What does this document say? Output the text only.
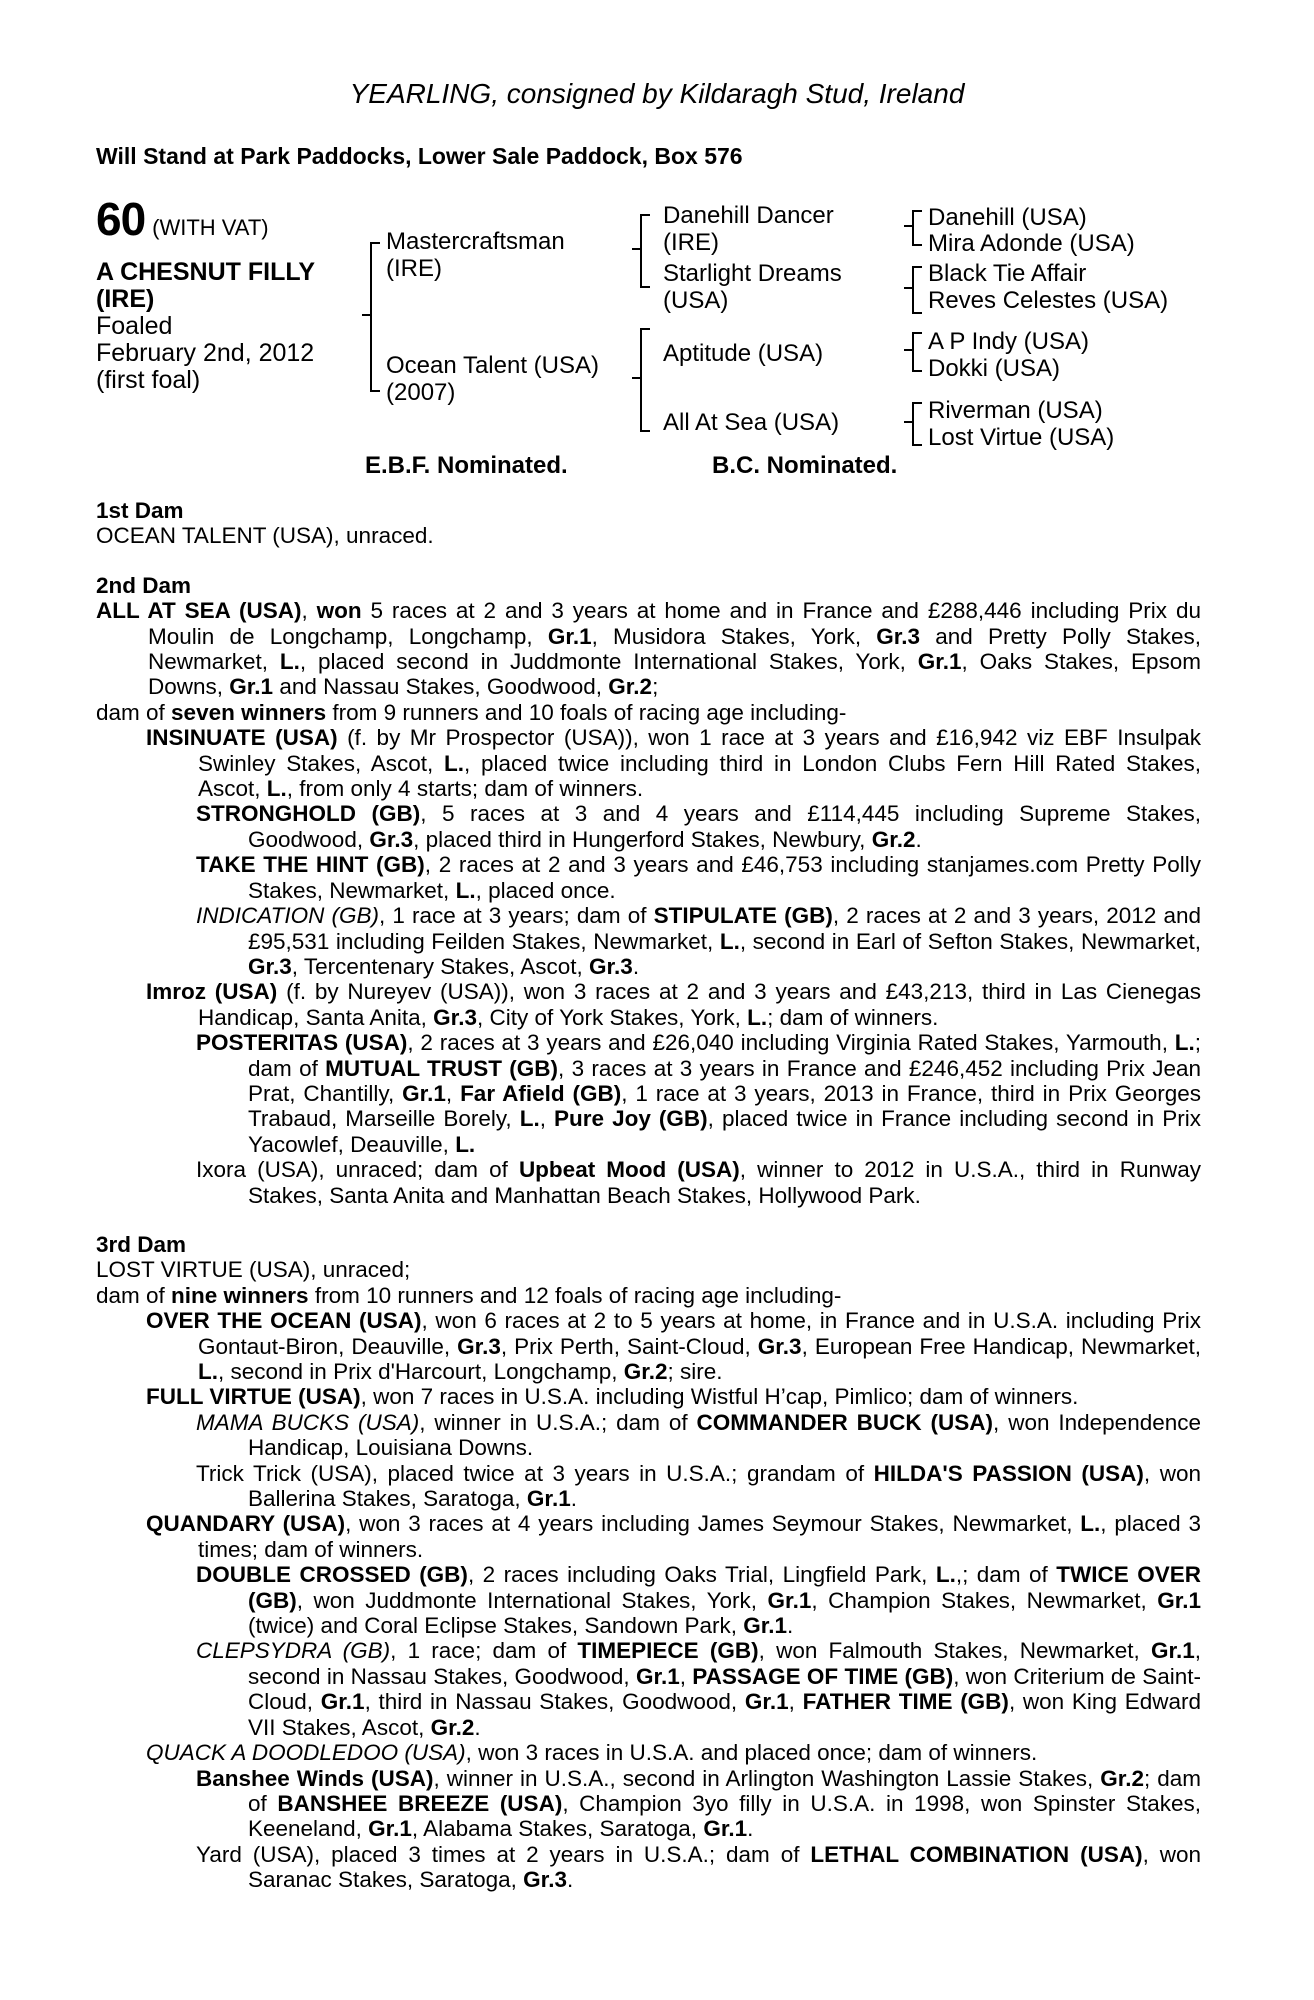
YEARLING, consigned by Kildaragh Stud, Ireland
Will Stand at Park Paddocks, Lower Sale Paddock, Box 576
60 (WITH VAT)
A CHESNUT FILLY
(IRE)
Foaled
February 2nd, 2012
(first foal)
Mastercraftsman
(IRE)
Ocean Talent (USA)
(2007)
Danehill Dancer
(IRE)
Starlight Dreams
(USA)
Aptitude (USA)
All At Sea (USA)
Danehill (USA)
Mira Adonde (USA)
Black Tie Affair
Reves Celestes (USA)
A P Indy (USA)
Dokki (USA)
Riverman (USA)
Lost Virtue (USA)
E.B.F. Nominated.	B.C. Nominated.

1st Dam

OCEAN TALENT (USA), unraced.

2nd Dam

ALL AT SEA (USA), won 5 races at 2 and 3 years at home and in France and £288,446 including Prix du Moulin de Longchamp, Longchamp, Gr.1, Musidora Stakes, York, Gr.3 and Pretty Polly Stakes, Newmarket, L., placed second in Juddmonte International Stakes, York, Gr.1, Oaks Stakes, Epsom Downs, Gr.1 and Nassau Stakes, Goodwood, Gr.2;

dam of seven winners from 9 runners and 10 foals of racing age including-

INSINUATE (USA) (f. by Mr Prospector (USA)), won 1 race at 3 years and £16,942 viz EBF Insulpak Swinley Stakes, Ascot, L., placed twice including third in London Clubs Fern Hill Rated Stakes, Ascot, L., from only 4 starts; dam of winners.

STRONGHOLD (GB), 5 races at 3 and 4 years and £114,445 including Supreme Stakes, Goodwood, Gr.3, placed third in Hungerford Stakes, Newbury, Gr.2.

TAKE THE HINT (GB), 2 races at 2 and 3 years and £46,753 including stanjames.com Pretty Polly Stakes, Newmarket, L., placed once.

INDICATION (GB), 1 race at 3 years; dam of STIPULATE (GB), 2 races at 2 and 3 years, 2012 and £95,531 including Feilden Stakes, Newmarket, L., second in Earl of Sefton Stakes, Newmarket, Gr.3, Tercentenary Stakes, Ascot, Gr.3.

Imroz (USA) (f. by Nureyev (USA)), won 3 races at 2 and 3 years and £43,213, third in Las Cienegas Handicap, Santa Anita, Gr.3, City of York Stakes, York, L.; dam of winners.

POSTERITAS (USA), 2 races at 3 years and £26,040 including Virginia Rated Stakes, Yarmouth, L.; dam of MUTUAL TRUST (GB), 3 races at 3 years in France and £246,452 including Prix Jean Prat, Chantilly, Gr.1, Far Afield (GB), 1 race at 3 years, 2013 in France, third in Prix Georges Trabaud, Marseille Borely, L., Pure Joy (GB), placed twice in France including second in Prix Yacowlef, Deauville, L.

Ixora (USA), unraced; dam of Upbeat Mood (USA), winner to 2012 in U.S.A., third in Runway Stakes, Santa Anita and Manhattan Beach Stakes, Hollywood Park.

3rd Dam

LOST VIRTUE (USA), unraced;

dam of nine winners from 10 runners and 12 foals of racing age including-

OVER THE OCEAN (USA), won 6 races at 2 to 5 years at home, in France and in U.S.A. including Prix Gontaut-Biron, Deauville, Gr.3, Prix Perth, Saint-Cloud, Gr.3, European Free Handicap, Newmarket, L., second in Prix d'Harcourt, Longchamp, Gr.2; sire.

FULL VIRTUE (USA), won 7 races in U.S.A. including Wistful H’cap, Pimlico; dam of winners.

MAMA BUCKS (USA), winner in U.S.A.; dam of COMMANDER BUCK (USA), won Independence Handicap, Louisiana Downs.

Trick Trick (USA), placed twice at 3 years in U.S.A.; grandam of HILDA'S PASSION (USA), won Ballerina Stakes, Saratoga, Gr.1.

QUANDARY (USA), won 3 races at 4 years including James Seymour Stakes, Newmarket, L., placed 3 times; dam of winners.

DOUBLE CROSSED (GB), 2 races including Oaks Trial, Lingfield Park, L.,; dam of TWICE OVER (GB), won Juddmonte International Stakes, York, Gr.1, Champion Stakes, Newmarket, Gr.1 (twice) and Coral Eclipse Stakes, Sandown Park, Gr.1.

CLEPSYDRA (GB), 1 race; dam of TIMEPIECE (GB), won Falmouth Stakes, Newmarket, Gr.1, second in Nassau Stakes, Goodwood, Gr.1, PASSAGE OF TIME (GB), won Criterium de Saint-Cloud, Gr.1, third in Nassau Stakes, Goodwood, Gr.1, FATHER TIME (GB), won King Edward VII Stakes, Ascot, Gr.2.

QUACK A DOODLEDOO (USA), won 3 races in U.S.A. and placed once; dam of winners.

Banshee Winds (USA), winner in U.S.A., second in Arlington Washington Lassie Stakes, Gr.2; dam of BANSHEE BREEZE (USA), Champion 3yo filly in U.S.A. in 1998, won Spinster Stakes, Keeneland, Gr.1, Alabama Stakes, Saratoga, Gr.1.

Yard (USA), placed 3 times at 2 years in U.S.A.; dam of LETHAL COMBINATION (USA), won Saranac Stakes, Saratoga, Gr.3.
